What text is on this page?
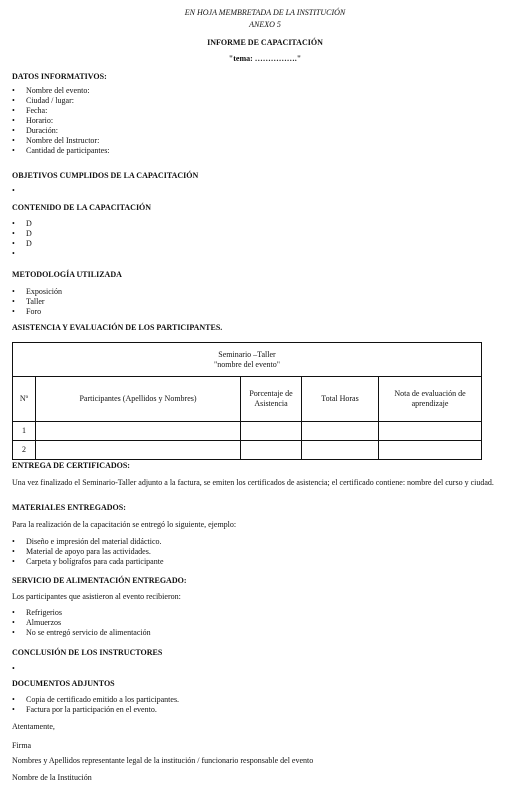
EN HOJA MEMBRETADA DE LA INSTITUCIÓN
ANEXO 5
INFORME DE CAPACITACIÓN
"tema: ……………."
DATOS INFORMATIVOS:
• Nombre del evento:
• Ciudad / lugar:
• Fecha:
• Horario:
• Duración:
• Nombre del Instructor:
• Cantidad de participantes:
OBJETIVOS CUMPLIDOS DE LA CAPACITACIÓN
•
CONTENIDO DE LA CAPACITACIÓN
• D
• D
• D
•
METODOLOGÍA UTILIZADA
• Exposición
• Taller
• Foro
ASISTENCIA Y EVALUACIÓN DE LOS PARTICIPANTES.
Seminario –Taller
"nombre del evento"				

Nº	Participantes (Apellidos y Nombres)	Porcentaje de Asistencia	Total Horas	Nota de evaluación de aprendizaje
1				
2				
ENTREGA DE CERTIFICADOS:
Una vez finalizado el Seminario-Taller adjunto a la factura, se emiten los certificados de asistencia; el certificado contiene: nombre del curso y ciudad.
MATERIALES ENTREGADOS:
Para la realización de la capacitación se entregó lo siguiente, ejemplo:
• Diseño e impresión del material didáctico.
• Material de apoyo para las actividades.
• Carpeta y bolígrafos para cada participante
SERVICIO DE ALIMENTACIÓN ENTREGADO:
Los participantes que asistieron al evento recibieron:
• Refrigerios
• Almuerzos
• No se entregó servicio de alimentación
CONCLUSIÓN DE LOS INSTRUCTORES
•
DOCUMENTOS ADJUNTOS
• Copia de certificado emitido a los participantes.
• Factura por la participación en el evento.
Atentamente,
Firma
Nombres y Apellidos representante legal de la institución / funcionario responsable del evento
Nombre de la Institución
